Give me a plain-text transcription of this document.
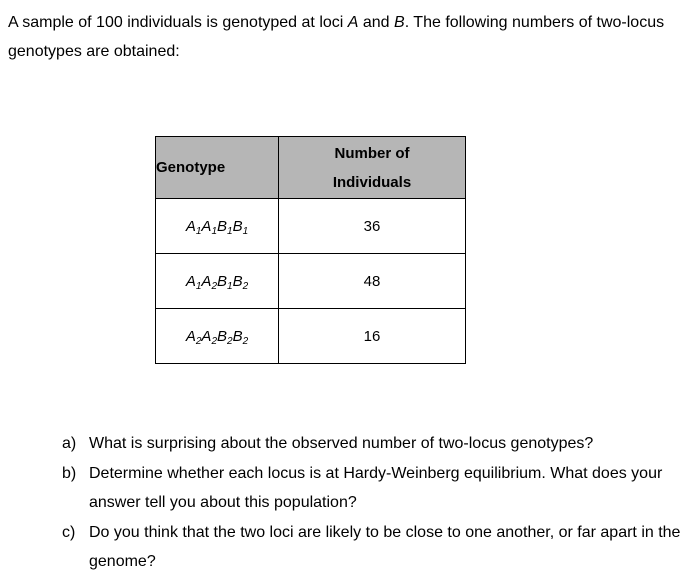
A sample of 100 individuals is genotyped at loci A and B. The following numbers of two-locus genotypes are obtained:

Genotype	Number of
Individuals
$A_1A_1B_1B_1$	36
$A_1A_2B_1B_2$	48
$A_2A_2B_2B_2$	16
a) What is surprising about the observed number of two-locus genotypes?
b) Determine whether each locus is at Hardy-Weinberg equilibrium. What does your answer tell you about this population?
c) Do you think that the two loci are likely to be close to one another, or far apart in the genome?
